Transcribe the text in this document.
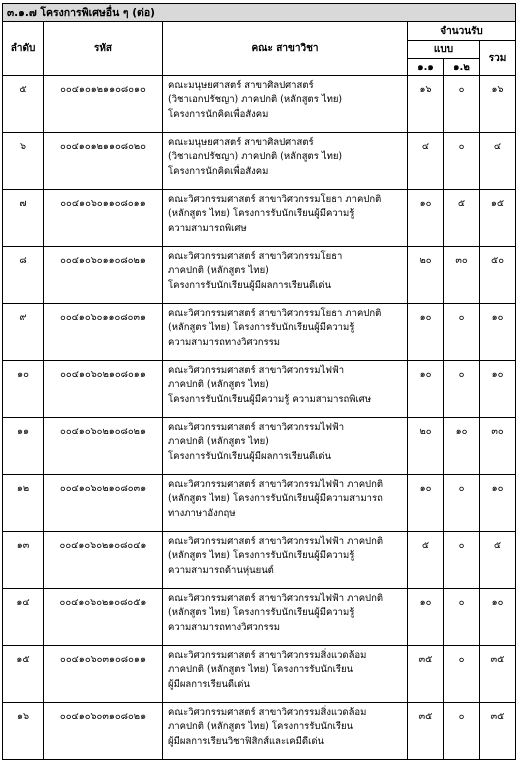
๓.๑.๗ โครงการพิเศษอื่น ๆ (ต่อ)					
ลำดับ	รหัส	คณะ สาขาวิชา	จำนวนรับ		
			แบบ		รวม
			๑.๑	๑.๒	
๕	๐๐๔๑๐๑๒๑๑๐๘๐๑๐	คณะมนุษยศาสตร์ สาขาศิลปศาสตร์
(วิชาเอกปรัชญา) ภาคปกติ (หลักสูตร ไทย)
โครงการนักคิดเพื่อสังคม	๑๖	๐	๑๖
๖	๐๐๔๑๐๑๒๑๑๐๘๐๒๐	คณะมนุษยศาสตร์ สาขาศิลปศาสตร์
(วิชาเอกปรัชญา) ภาคปกติ (หลักสูตร ไทย)
โครงการนักคิดเพื่อสังคม	๔	๐	๔
๗	๐๐๔๑๐๖๐๑๑๐๘๐๑๑	คณะวิศวกรรมศาสตร์ สาขาวิศวกรรมโยธา ภาคปกติ
(หลักสูตร ไทย) โครงการรับนักเรียนผู้มีความรู้
ความสามารถพิเศษ	๑๐	๕	๑๕
๘	๐๐๔๑๐๖๐๑๑๐๘๐๒๑	คณะวิศวกรรมศาสตร์ สาขาวิศวกรรมโยธา
ภาคปกติ (หลักสูตร ไทย)
โครงการรับนักเรียนผู้มีผลการเรียนดีเด่น	๒๐	๓๐	๕๐
๙	๐๐๔๑๐๖๐๑๑๐๘๐๓๑	คณะวิศวกรรมศาสตร์ สาขาวิศวกรรมโยธา ภาคปกติ
(หลักสูตร ไทย) โครงการรับนักเรียนผู้มีความรู้
ความสามารถทางวิศวกรรม	๑๐	๐	๑๐
๑๐	๐๐๔๑๐๖๐๒๑๐๘๐๑๑	คณะวิศวกรรมศาสตร์ สาขาวิศวกรรมไฟฟ้า
ภาคปกติ (หลักสูตร ไทย)
โครงการรับนักเรียนผู้มีความรู้ ความสามารถพิเศษ	๑๐	๐	๑๐
๑๑	๐๐๔๑๐๖๐๒๑๐๘๐๒๑	คณะวิศวกรรมศาสตร์ สาขาวิศวกรรมไฟฟ้า
ภาคปกติ (หลักสูตร ไทย)
โครงการรับนักเรียนผู้มีผลการเรียนดีเด่น	๒๐	๑๐	๓๐
๑๒	๐๐๔๑๐๖๐๒๑๐๘๐๓๑	คณะวิศวกรรมศาสตร์ สาขาวิศวกรรมไฟฟ้า ภาคปกติ
(หลักสูตร ไทย) โครงการรับนักเรียนผู้มีความสามารถ
ทางภาษาอังกฤษ	๑๐	๐	๑๐
๑๓	๐๐๔๑๐๖๐๒๑๐๘๐๔๑	คณะวิศวกรรมศาสตร์ สาขาวิศวกรรมไฟฟ้า ภาคปกติ
(หลักสูตร ไทย) โครงการรับนักเรียนผู้มีความรู้
ความสามารถด้านหุ่นยนต์	๕	๐	๕
๑๔	๐๐๔๑๐๖๐๒๑๐๘๐๕๑	คณะวิศวกรรมศาสตร์ สาขาวิศวกรรมไฟฟ้า ภาคปกติ
(หลักสูตร ไทย) โครงการรับนักเรียนผู้มีความรู้
ความสามารถทางวิศวกรรม	๑๐	๐	๑๐
๑๕	๐๐๔๑๐๖๐๓๑๐๘๐๑๑	คณะวิศวกรรมศาสตร์ สาขาวิศวกรรมสิ่งแวดล้อม
ภาคปกติ (หลักสูตร ไทย) โครงการรับนักเรียน
ผู้มีผลการเรียนดีเด่น	๓๕	๐	๓๕
๑๖	๐๐๔๑๐๖๐๓๑๐๘๐๒๑	คณะวิศวกรรมศาสตร์ สาขาวิศวกรรมสิ่งแวดล้อม
ภาคปกติ (หลักสูตร ไทย) โครงการรับนักเรียน
ผู้มีผลการเรียนวิชาฟิสิกส์และเคมีดีเด่น	๓๕	๐	๓๕
